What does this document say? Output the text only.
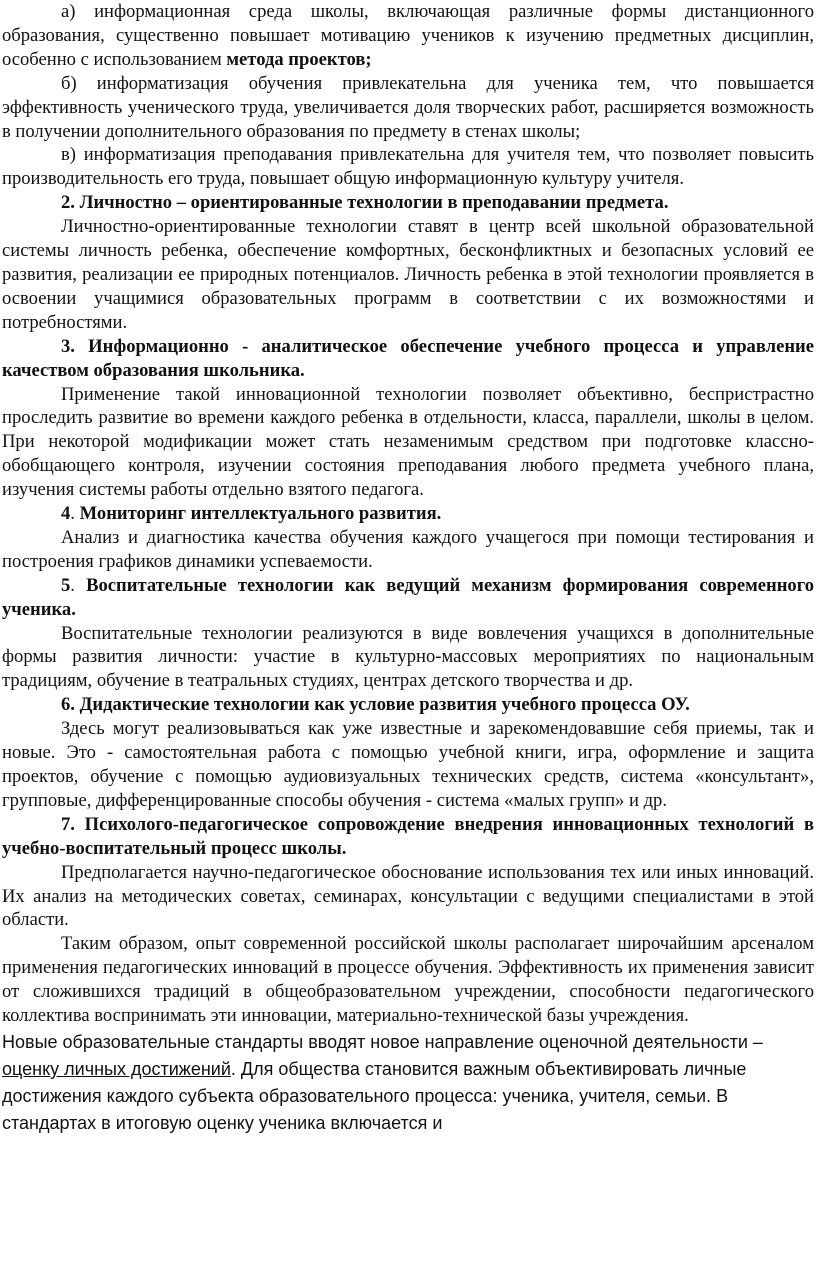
а) информационная среда школы, включающая различные формы дистанционного образования, существенно повышает мотивацию учеников к изучению предметных дисциплин, особенно с использованием метода проектов;

б) информатизация обучения привлекательна для ученика тем, что повышается эффективность ученического труда, увеличивается доля творческих работ, расширяется возможность в получении дополнительного образования по предмету в стенах школы;

в) информатизация преподавания привлекательна для учителя тем, что позволяет повысить производительность его труда, повышает общую информационную культуру учителя.

2. Личностно – ориентированные технологии в преподавании предмета.

Личностно-ориентированные технологии ставят в центр всей школьной образовательной системы личность ребенка, обеспечение комфортных, бесконфликтных и безопасных условий ее развития, реализации ее природных потенциалов. Личность ребенка в этой технологии проявляется в освоении учащимися образовательных программ в соответствии с их возможностями и потребностями.

3. Информационно - аналитическое обеспечение учебного процесса и управление качеством образования школьника.

Применение такой инновационной технологии позволяет объективно, беспристрастно проследить развитие во времени каждого ребенка в отдельности, класса, параллели, школы в целом. При некоторой модификации может стать незаменимым средством при подготовке классно-обобщающего контроля, изучении состояния преподавания любого предмета учебного плана, изучения системы работы отдельно взятого педагога.

4. Мониторинг интеллектуального развития.

Анализ и диагностика качества обучения каждого учащегося при помощи тестирования и построения графиков динамики успеваемости.

5. Воспитательные технологии как ведущий механизм формирования современного ученика.

Воспитательные технологии реализуются в виде вовлечения учащихся в дополнительные формы развития личности: участие в культурно-массовых мероприятиях по национальным традициям, обучение в театральных студиях, центрах детского творчества и др.

6. Дидактические технологии как условие развития учебного процесса ОУ.

Здесь могут реализовываться как уже известные и зарекомендовавшие себя приемы, так и новые. Это - самостоятельная работа с помощью учебной книги, игра, оформление и защита проектов, обучение с помощью аудиовизуальных технических средств, система «консультант», групповые, дифференцированные способы обучения - система «малых групп» и др.

7. Психолого-педагогическое сопровождение внедрения инновационных технологий в учебно-воспитательный процесс школы.

Предполагается научно-педагогическое обоснование использования тех или иных инноваций. Их анализ на методических советах, семинарах, консультации с ведущими специалистами в этой области.

Таким образом, опыт современной российской школы располагает широчайшим арсеналом применения педагогических инноваций в процессе обучения. Эффективность их применения зависит от сложившихся традиций в общеобразовательном учреждении, способности педагогического коллектива воспринимать эти инновации, материально-технической базы учреждения.

Новые образовательные стандарты вводят новое направление оценочной деятельности – оценку личных достижений. Для общества становится важным объективировать личные достижения каждого субъекта образовательного процесса: ученика, учителя, семьи. В стандартах в итоговую оценку ученика включается и
